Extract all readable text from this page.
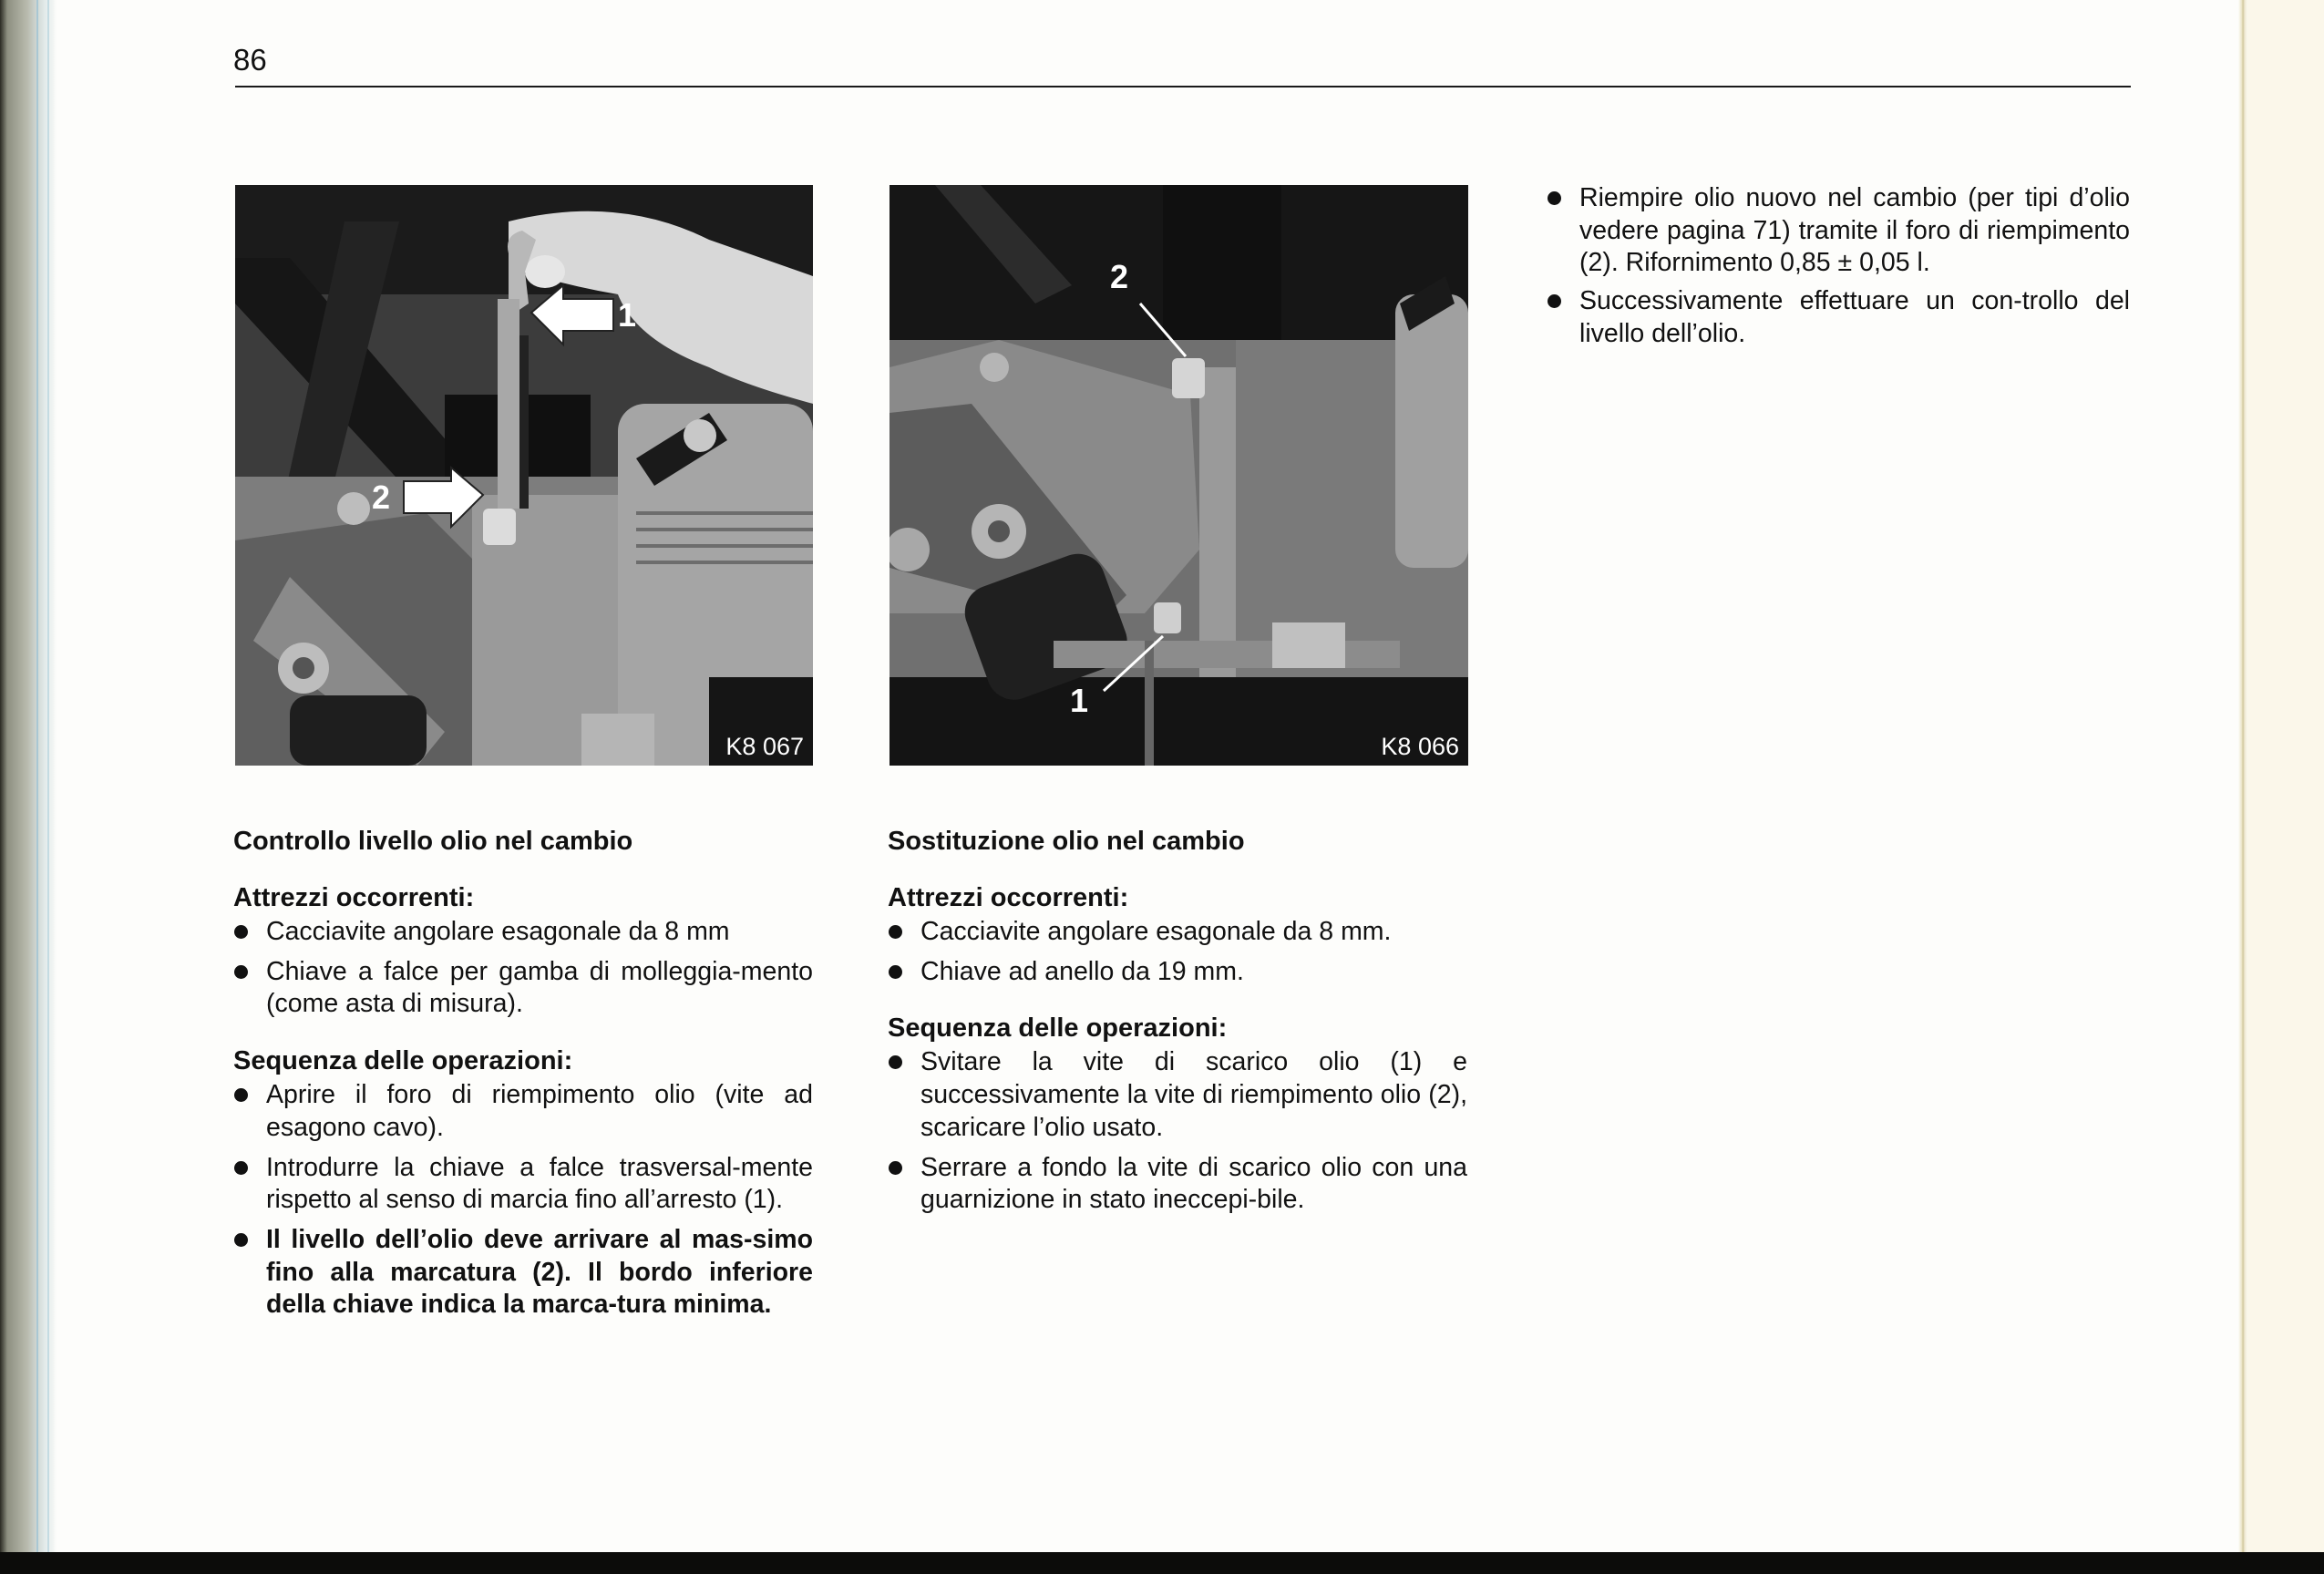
86
1
2
K8 067
2
1
K8 066
Riempire olio nuovo nel cambio (per tipi d’olio vedere pagina 71) tramite il foro di riempimento (2). Rifornimento 0,85 ± 0,05 l.
Successivamente effettuare un con-trollo del livello dell’olio.
Controllo livello olio nel cambio
Attrezzi occorrenti:
Cacciavite angolare esagonale da 8 mm
Chiave a falce per gamba di molleggia-mento (come asta di misura).
Sequenza delle operazioni:
Aprire il foro di riempimento olio (vite ad esagono cavo).
Introdurre la chiave a falce trasversal-mente rispetto al senso di marcia fino all’arresto (1).
Il livello dell’olio deve arrivare al mas-simo fino alla marcatura (2). Il bordo inferiore della chiave indica la marca-tura minima.
Sostituzione olio nel cambio
Attrezzi occorrenti:
Cacciavite angolare esagonale da 8 mm.
Chiave ad anello da 19 mm.
Sequenza delle operazioni:
Svitare la vite di scarico olio (1) e successivamente la vite di riempimento olio (2), scaricare l’olio usato.
Serrare a fondo la vite di scarico olio con una guarnizione in stato ineccepi-bile.
